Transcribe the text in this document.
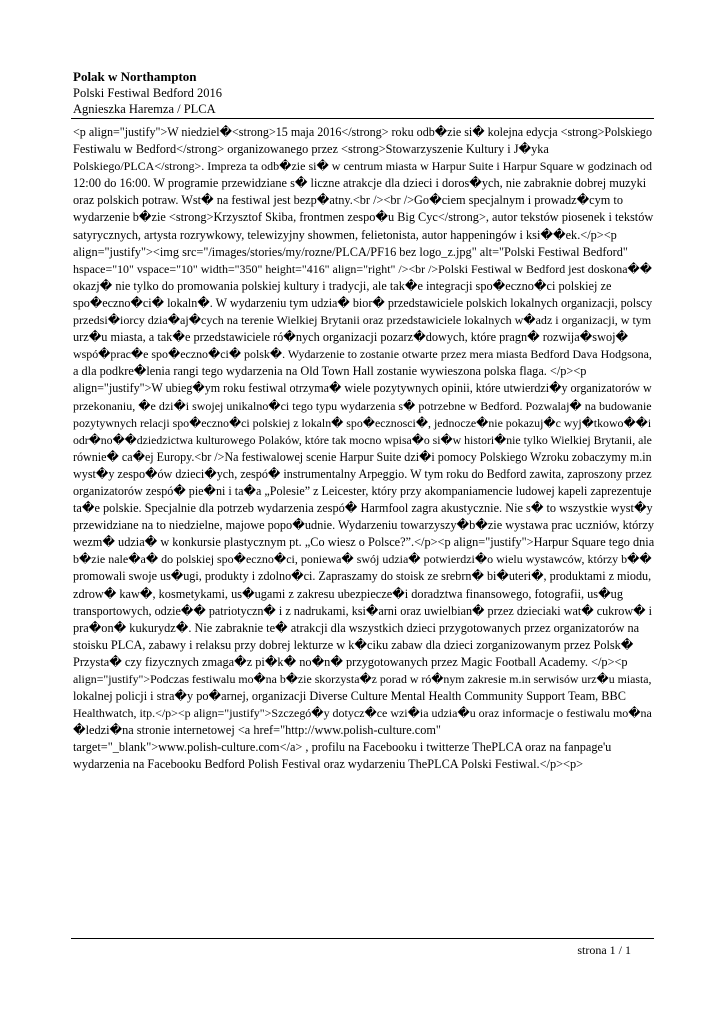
Polak w Northampton
Polski Festiwal Bedford 2016
Agnieszka Haremza / PLCA
<p align="justify">W niedziel�<strong>15 maja 2016</strong> roku odb�zie si� kolejna edycja <strong>Polskiego
Festiwalu w Bedford</strong> organizowanego przez <strong>Stowarzyszenie Kultury i J�yka
Polskiego/PLCA</strong>. Impreza ta odb�zie si� w centrum miasta w Harpur Suite i Harpur Square w godzinach od
12:00 do 16:00. W programie przewidziane s� liczne atrakcje dla dzieci i doros�ych, nie zabraknie dobrej muzyki
oraz polskich potraw. Wst� na festiwal jest bezp�atny.<br /><br />Go�ciem specjalnym i prowadz�cym to
wydarzenie b�zie <strong>Krzysztof Skiba, frontmen zespo�u Big Cyc</strong>, autor tekstów piosenek i tekstów
satyrycznych, artysta rozrywkowy, telewizyjny showmen, felietonista, autor happeningów i ksi��ek.</p><p
align="justify"><img src="/images/stories/my/rozne/PLCA/PF16 bez logo_z.jpg" alt="Polski Festiwal Bedford"
hspace="10" vspace="10" width="350" height="416" align="right" /><br />Polski Festiwal w Bedford jest doskona��
okazj� nie tylko do promowania polskiej kultury i tradycji, ale tak�e integracji spo�eczno�ci polskiej ze
spo�eczno�ci� lokaln�. W wydarzeniu tym udzia� bior� przedstawiciele polskich lokalnych organizacji, polscy
przedsi�iorcy dzia�aj�cych na terenie Wielkiej Brytanii oraz przedstawiciele lokalnych w�adz i organizacji, w tym
urz�u miasta, a tak�e przedstawiciele ró�nych organizacji pozarz�dowych, które pragn� rozwija�swoj�
wspó�prac�e spo�eczno�ci� polsk�. Wydarzenie to zostanie otwarte przez mera miasta Bedford Dava Hodgsona,
a dla podkre�lenia rangi tego wydarzenia na Old Town Hall zostanie wywieszona polska flaga. </p><p
align="justify">W ubieg�ym roku festiwal otrzyma� wiele pozytywnych opinii, które utwierdzi�y organizatorów w
przekonaniu, �e dzi�i swojej unikalno�ci tego typu wydarzenia s� potrzebne w Bedford. Pozwalaj� na budowanie
pozytywnych relacji spo�eczno�ci polskiej z lokaln� spo�ecznosci�, jednocze�nie pokazuj�c wyj�tkowo��i
odr�no��dziedzictwa kulturowego Polaków, które tak mocno wpisa�o si�w histori�nie tylko Wielkiej Brytanii, ale
równie� ca�ej Europy.<br />Na festiwalowej scenie Harpur Suite dzi�i pomocy Polskiego Wzroku zobaczymy m.in
wyst�y zespo�ów dzieci�ych, zespó� instrumentalny Arpeggio. W tym roku do Bedford zawita, zaproszony przez
organizatorów zespó� pie�ni i ta�a „Polesie” z Leicester, który przy akompaniamencie ludowej kapeli zaprezentuje
ta�e polskie. Specjalnie dla potrzeb wydarzenia zespó� Harmfool zagra akustycznie. Nie s� to wszystkie wyst�y
przewidziane na to niedzielne, majowe popo�udnie. Wydarzeniu towarzyszy�b�zie wystawa prac uczniów, którzy
wezm� udzia� w konkursie plastycznym pt. „Co wiesz o Polsce?”.</p><p align="justify">Harpur Square tego dnia
b�zie nale�a� do polskiej spo�eczno�ci, poniewa� swój udzia� potwierdzi�o wielu wystawców, którzy b��
promowali swoje us�ugi, produkty i zdolno�ci. Zapraszamy do stoisk ze srebrn� bi�uteri�, produktami z miodu,
zdrow� kaw�, kosmetykami, us�ugami z zakresu ubezpiecze�i doradztwa finansowego, fotografii, us�ug
transportowych, odzie�� patriotyczn� i z nadrukami, ksi�arni oraz uwielbian� przez dzieciaki wat� cukrow� i
pra�on� kukurydz�. Nie zabraknie te� atrakcji dla wszystkich dzieci przygotowanych przez organizatorów na
stoisku PLCA, zabawy i relaksu przy dobrej lekturze w k�ciku zabaw dla dzieci zorganizowanym przez Polsk�
Przysta� czy fizycznych zmaga�z pi�k� no�n� przygotowanych przez Magic Football Academy. </p><p
align="justify">Podczas festiwalu mo�na b�zie skorzysta�z porad w ró�nym zakresie m.in serwisów urz�u miasta,
lokalnej policji i stra�y po�arnej, organizacji Diverse Culture Mental Health Community Support Team, BBC
Healthwatch, itp.</p><p align="justify">Szczegó�y dotycz�ce wzi�ia udzia�u oraz informacje o festiwalu mo�na
�ledzi�na stronie internetowej <a href="http://www.polish-culture.com"
target="_blank">www.polish-culture.com</a> , profilu na Facebooku i twitterze ThePLCA oraz na fanpage'u
wydarzenia na Facebooku Bedford Polish Festival oraz wydarzeniu ThePLCA Polski Festiwal.</p><p>
strona 1 / 1
